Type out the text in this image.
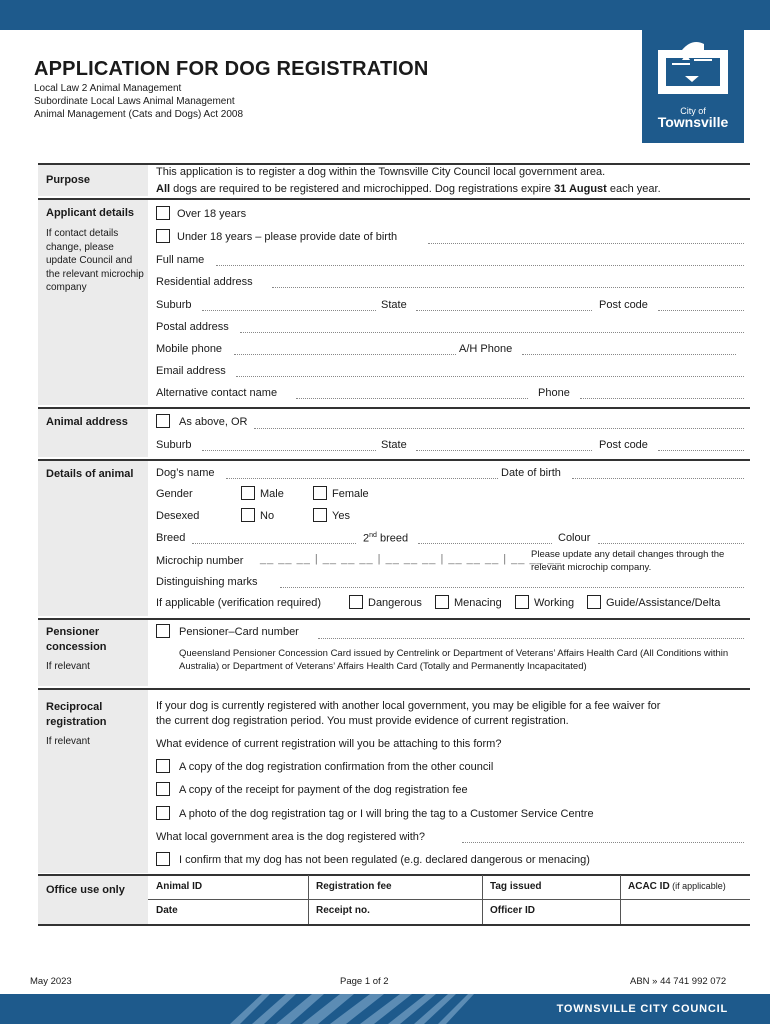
City of
Townsville
APPLICATION FOR DOG REGISTRATION
Local Law 2 Animal Management
Subordinate Local Laws Animal Management
Animal Management (Cats and Dogs) Act 2008
Purpose
This application is to register a dog within the Townsville City Council local government area.
All dogs are required to be registered and microchipped. Dog registrations expire 31 August each year.
Applicant details
If contact details change, please update Council and the relevant microchip company
Over 18 years
Under 18 years – please provide date of birth
Full name
Residential address
Suburb	State	Post code
Postal address
Mobile phone	A/H Phone
Email address
Alternative contact name	Phone
Animal address	As above, OR
Suburb	State	Post code
Details of animal Dog’s name	Date of birth
Gender	Male	Female
Desexed	No	Yes
Breed	2nd breed	Colour
Microchip number __ __ __ | __ __ __ | __ __ __ | __ __ __ | __ __ __
Please update any detail changes through the relevant microchip company.
Distinguishing marks
If applicable (verification required)	Dangerous	Menacing	Working	Guide/Assistance/Delta
Pensioner
concession
If relevant
Pensioner–Card number
Queensland Pensioner Concession Card issued by Centrelink or Department of Veterans’ Affairs Health Card (All Conditions within Australia) or Department of Veterans’ Affairs Health Card (Totally and Permanently Incapacitated)
Reciprocal
registration
If relevant
If your dog is currently registered with another local government, you may be eligible for a fee waiver for
the current dog registration period. You must provide evidence of current registration.
What evidence of current registration will you be attaching to this form?
A copy of the dog registration confirmation from the other council
A copy of the receipt for payment of the dog registration fee
A photo of the dog registration tag or I will bring the tag to a Customer Service Centre
What local government area is the dog registered with?
I confirm that my dog has not been regulated (e.g. declared dangerous or menacing)
Office use only	Animal ID	Registration fee	Tag issued	ACAC ID (if applicable)
Date	Receipt no.	Officer ID
May 2023	Page 1 of 2	ABN » 44 741 992 072
TOWNSVILLE CITY COUNCIL
